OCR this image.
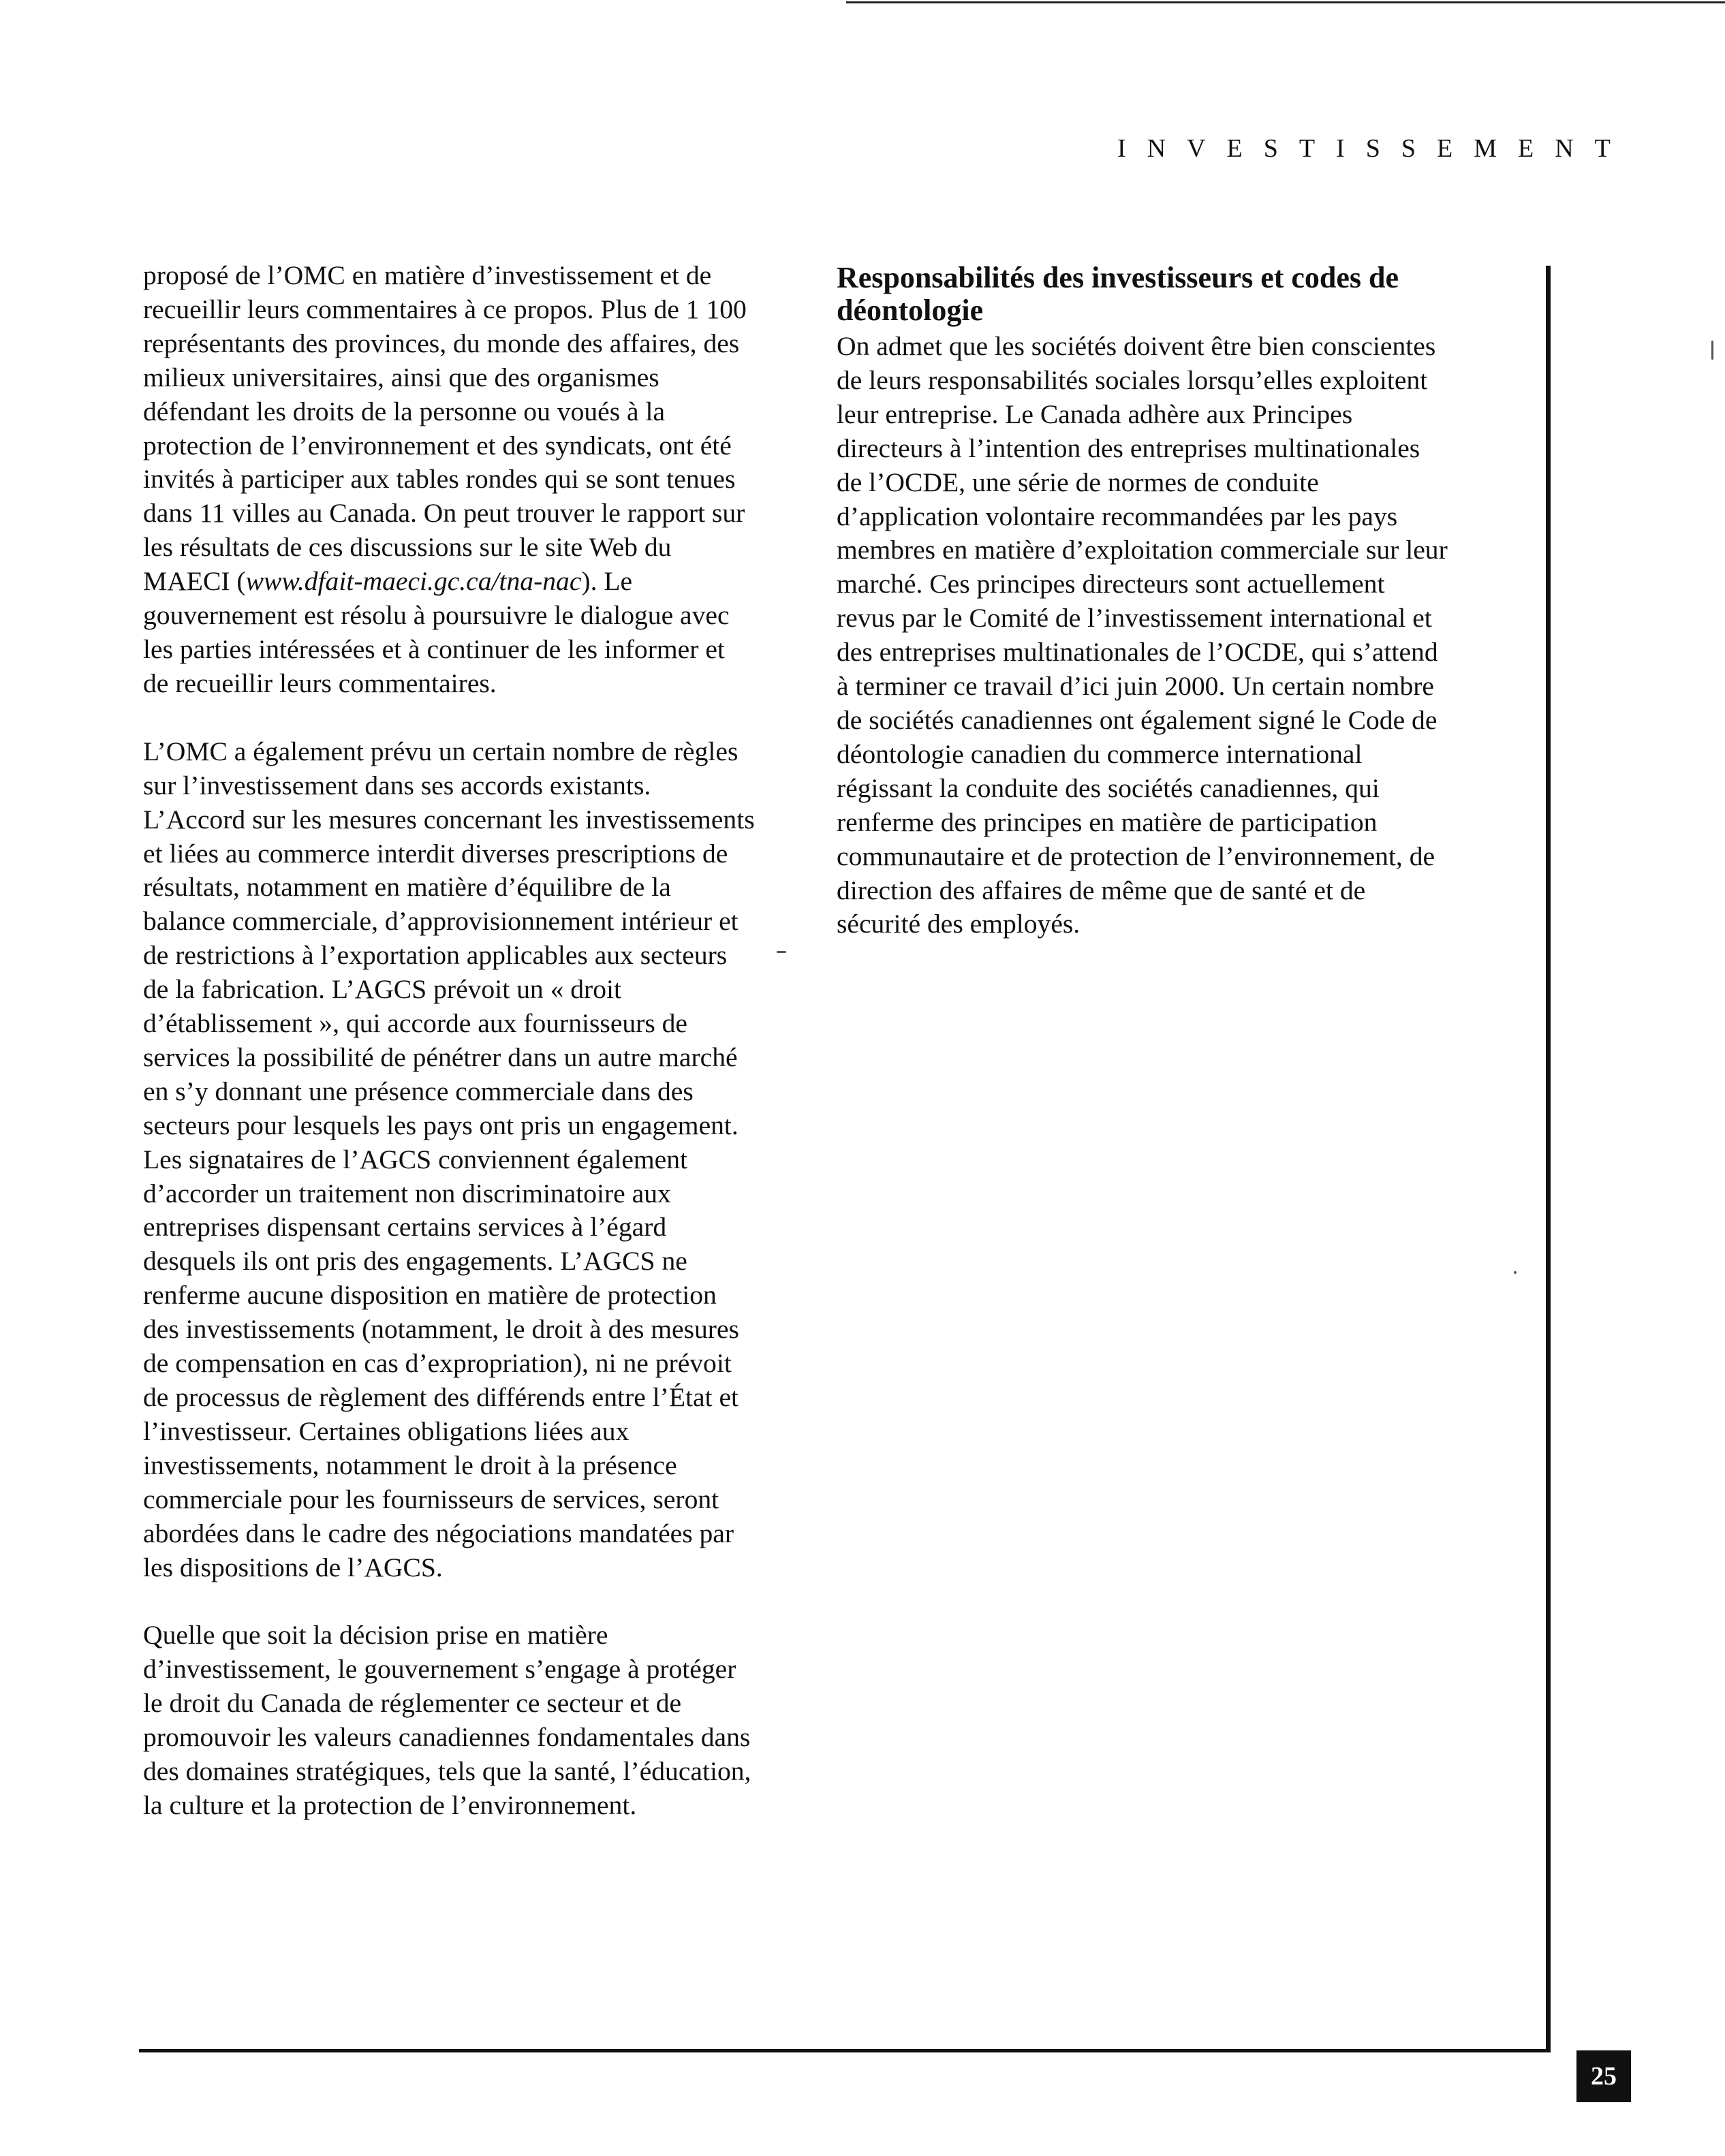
INVESTISSEMENT

proposé de l’OMC en matière d’investissement et de recueillir leurs commentaires à ce propos. Plus de 1 100 représentants des provinces, du monde des affaires, des milieux universitaires, ainsi que des organismes défendant les droits de la personne ou voués à la protection de l’environnement et des syndicats, ont été invités à participer aux tables rondes qui se sont tenues dans 11 villes au Canada. On peut trouver le rapport sur les résultats de ces discussions sur le site Web du MAECI (www.dfait-maeci.gc.ca/tna-nac). Le gouvernement est résolu à poursuivre le dialogue avec les parties intéressées et à continuer de les informer et de recueillir leurs commentaires.

L’OMC a également prévu un certain nombre de règles sur l’investissement dans ses accords existants. L’Accord sur les mesures concernant les investissements et liées au commerce interdit diverses prescriptions de résultats, notamment en matière d’équilibre de la balance commerciale, d’approvisionnement intérieur et de restrictions à l’exportation applicables aux secteurs de la fabrication. L’AGCS prévoit un « droit d’établissement », qui accorde aux fournisseurs de services la possibilité de pénétrer dans un autre marché en s’y donnant une présence commerciale dans des secteurs pour lesquels les pays ont pris un engagement. Les signataires de l’AGCS conviennent également d’accorder un traitement non discriminatoire aux entreprises dispensant certains services à l’égard desquels ils ont pris des engagements. L’AGCS ne renferme aucune disposition en matière de protection des investissements (notamment, le droit à des mesures de compensation en cas d’expropriation), ni ne prévoit de processus de règlement des différends entre l’État et l’investisseur. Certaines obligations liées aux investissements, notamment le droit à la présence commerciale pour les fournisseurs de services, seront abordées dans le cadre des négociations mandatées par les dispositions de l’AGCS.

Quelle que soit la décision prise en matière d’investissement, le gouvernement s’engage à protéger le droit du Canada de réglementer ce secteur et de promouvoir les valeurs canadiennes fondamentales dans des domaines stratégiques, tels que la santé, l’éducation, la culture et la protection de l’environnement.

Responsabilités des investisseurs et codes de déontologie

On admet que les sociétés doivent être bien conscientes de leurs responsabilités sociales lorsqu’elles exploitent leur entreprise. Le Canada adhère aux Principes directeurs à l’intention des entreprises multinationales de l’OCDE, une série de normes de conduite d’application volontaire recommandées par les pays membres en matière d’exploitation commerciale sur leur marché. Ces principes directeurs sont actuellement revus par le Comité de l’investissement international et des entreprises multinationales de l’OCDE, qui s’attend à terminer ce travail d’ici juin 2000. Un certain nombre de sociétés canadiennes ont également signé le Code de déontologie canadien du commerce international régissant la conduite des sociétés canadiennes, qui renferme des principes en matière de participation communautaire et de protection de l’environnement, de direction des affaires de même que de santé et de sécurité des employés.

25
